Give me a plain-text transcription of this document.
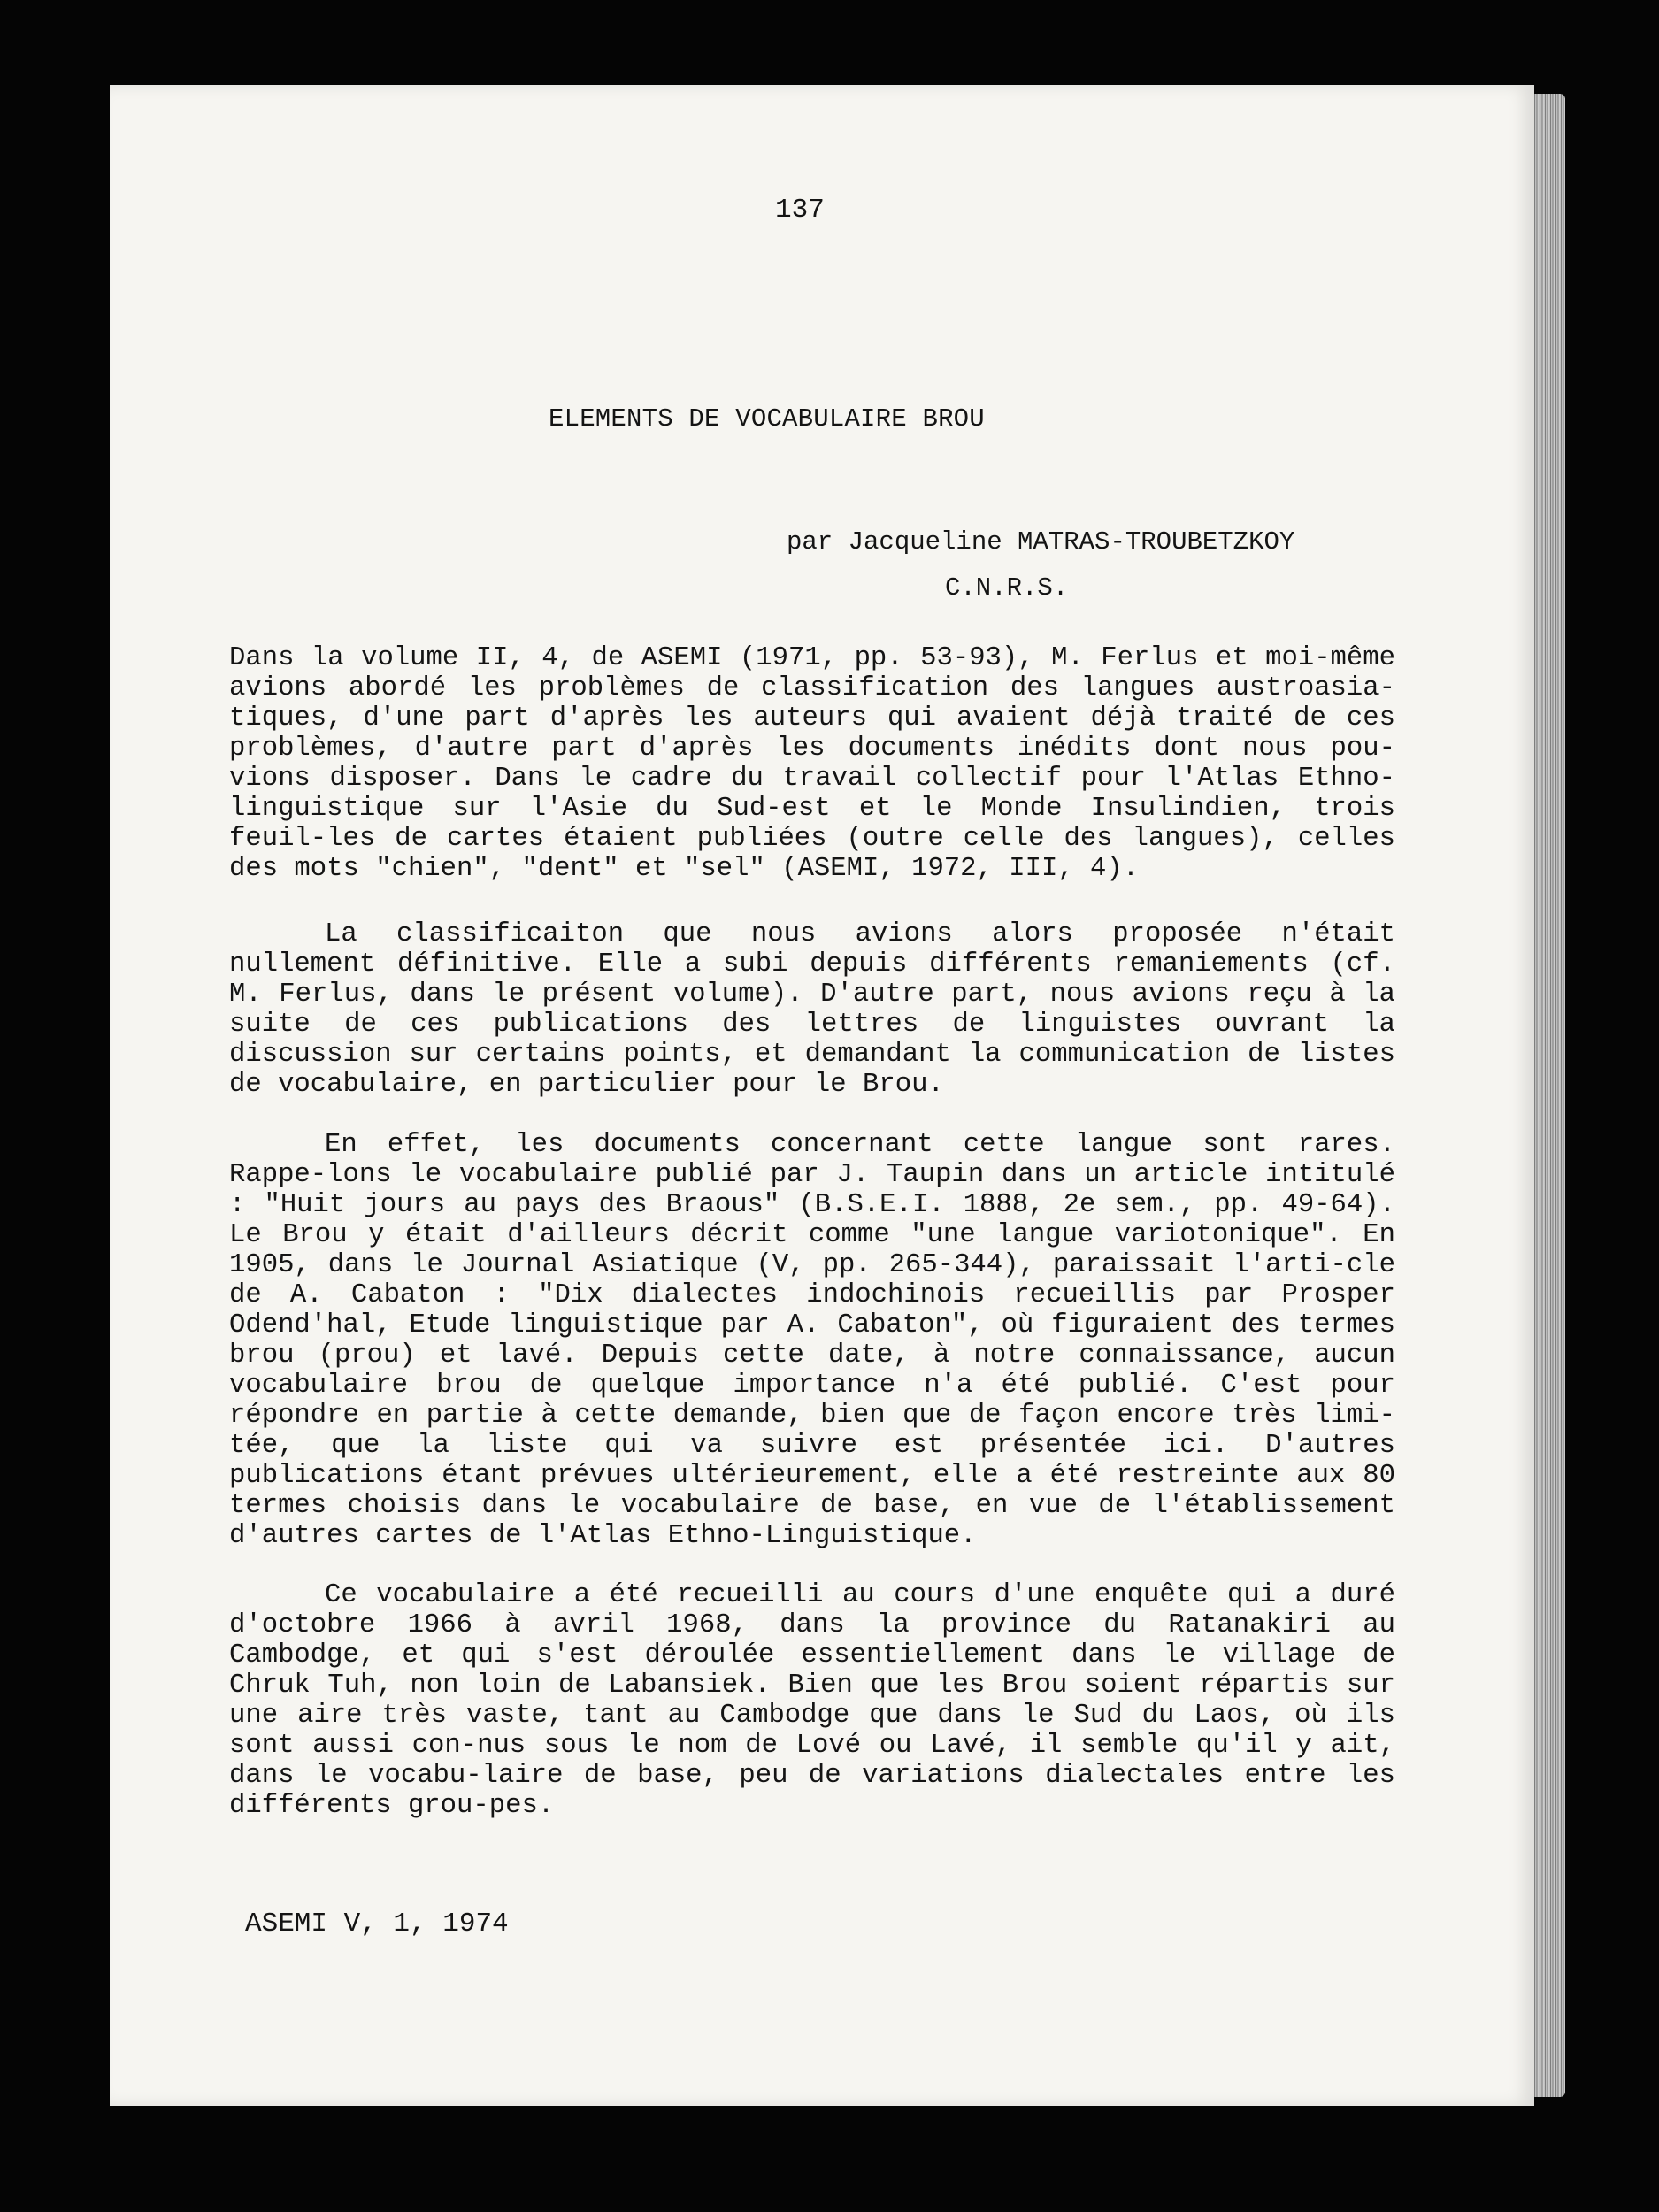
137
ELEMENTS DE VOCABULAIRE BROU
par Jacqueline MATRAS-TROUBETZKOY
C.N.R.S.

Dans la volume II, 4, de ASEMI (1971, pp. 53-93), M. Ferlus et moi-même avions abordé les problèmes de classification des langues austroasia-tiques, d'une part d'après les auteurs qui avaient déjà traité de ces problèmes, d'autre part d'après les documents inédits dont nous pou-vions disposer. Dans le cadre du travail collectif pour l'Atlas Ethno-linguistique sur l'Asie du Sud-est et le Monde Insulindien, trois feuil-les de cartes étaient publiées (outre celle des langues), celles des mots "chien", "dent" et "sel" (ASEMI, 1972, III, 4).

La classificaiton que nous avions alors proposée n'était nullement définitive. Elle a subi depuis différents remaniements (cf. M. Ferlus, dans le présent volume). D'autre part, nous avions reçu à la suite de ces publications des lettres de linguistes ouvrant la discussion sur certains points, et demandant la communication de listes de vocabulaire, en particulier pour le Brou.

En effet, les documents concernant cette langue sont rares. Rappe-lons le vocabulaire publié par J. Taupin dans un article intitulé : "Huit jours au pays des Braous" (B.S.E.I. 1888, 2e sem., pp. 49-64). Le Brou y était d'ailleurs décrit comme "une langue variotonique". En 1905, dans le Journal Asiatique (V, pp. 265-344), paraissait l'arti-cle de A. Cabaton : "Dix dialectes indochinois recueillis par Prosper Odend'hal, Etude linguistique par A. Cabaton", où figuraient des termes brou (prou) et lavé. Depuis cette date, à notre connaissance, aucun vocabulaire brou de quelque importance n'a été publié. C'est pour répondre en partie à cette demande, bien que de façon encore très limi-tée, que la liste qui va suivre est présentée ici. D'autres publications étant prévues ultérieurement, elle a été restreinte aux 80 termes choisis dans le vocabulaire de base, en vue de l'établissement d'autres cartes de l'Atlas Ethno-Linguistique.

Ce vocabulaire a été recueilli au cours d'une enquête qui a duré d'octobre 1966 à avril 1968, dans la province du Ratanakiri au Cambodge, et qui s'est déroulée essentiellement dans le village de Chruk Tuh, non loin de Labansiek. Bien que les Brou soient répartis sur une aire très vaste, tant au Cambodge que dans le Sud du Laos, où ils sont aussi con-nus sous le nom de Lové ou Lavé, il semble qu'il y ait, dans le vocabu-laire de base, peu de variations dialectales entre les différents grou-pes.

ASEMI V, 1, 1974
